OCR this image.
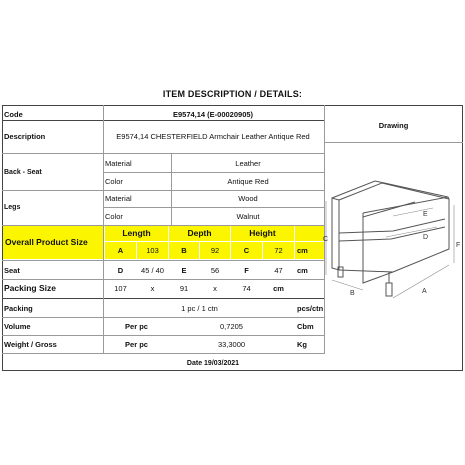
ITEM DESCRIPTION / DETAILS:
Code	E9574,14 (E-00020905)
Drawing
Description	E9574,14 CHESTERFIELD Armchair Leather Antique Red
Back - Seat
Material	Leather
Color	Antique Red
Legs
Material	Wood
Color	Walnut
Overall Product Size
Length	Depth	Height
A	103	B	92	C	72	cm
Seat	D	45 / 40	E	56	F	47	cm
Packing Size	107	x	91	x	74	cm
Packing	1 pc / 1 ctn	pcs/ctn
Volume	Per pc	0,7205	Cbm
Weight / Gross	Per pc	33,3000	Kg
Date 19/03/2021
A
B
C	D
E
F
